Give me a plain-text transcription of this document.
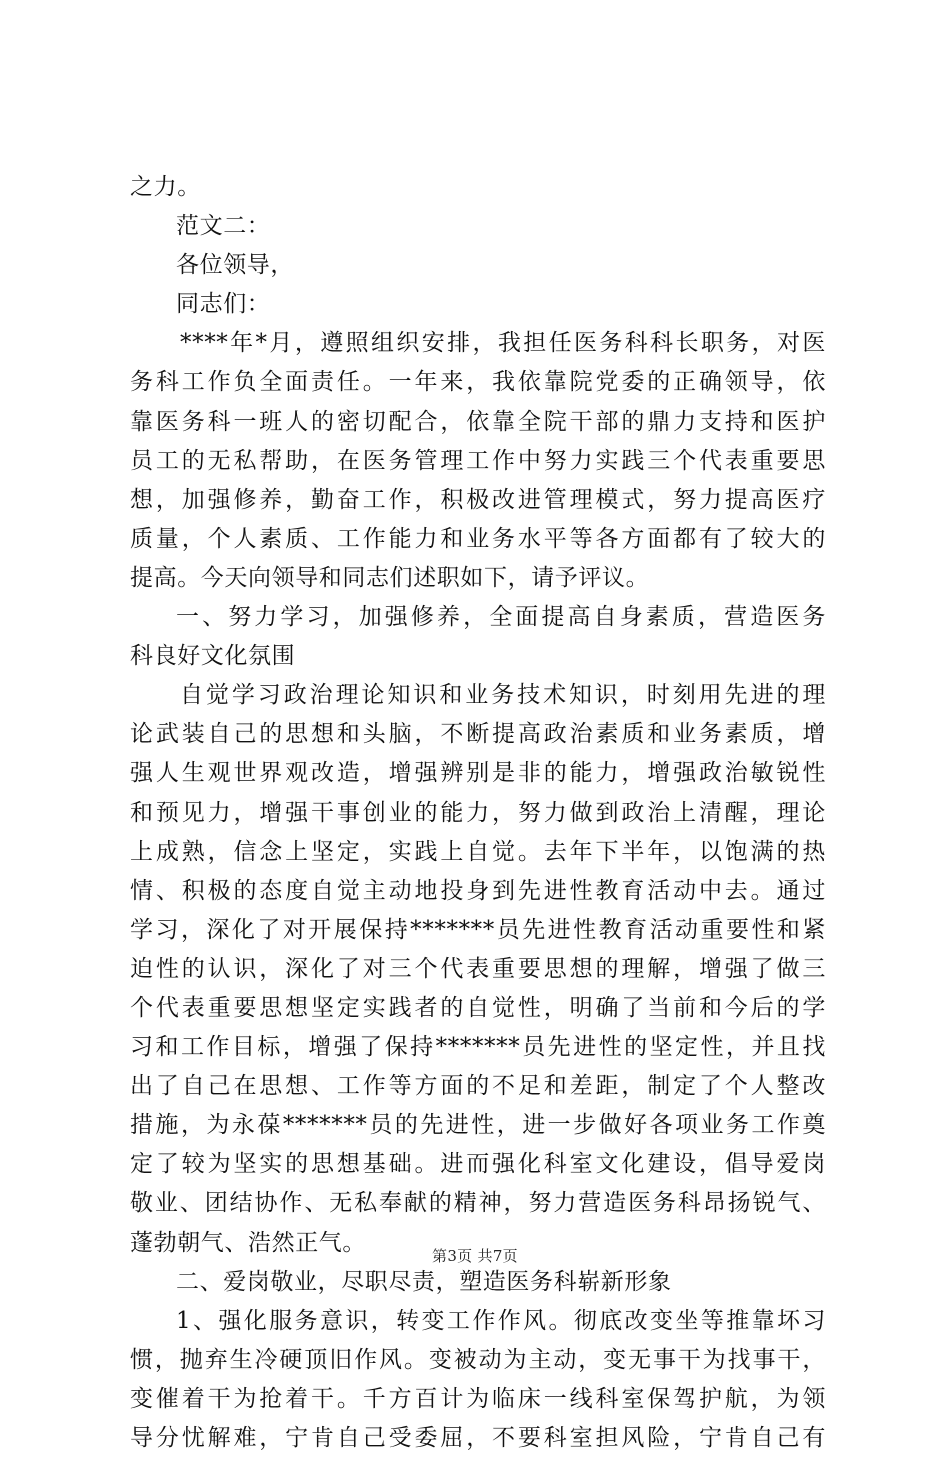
之力。
范文二：
各位领导，
同志们：
****年*月，遵照组织安排，我担任医务科科长职务，对医
务科工作负全面责任。一年来，我依靠院党委的正确领导，依
靠医务科一班人的密切配合，依靠全院干部的鼎力支持和医护
员工的无私帮助，在医务管理工作中努力实践三个代表重要思
想，加强修养，勤奋工作，积极改进管理模式，努力提高医疗
质量，个人素质、工作能力和业务水平等各方面都有了较大的
提高。今天向领导和同志们述职如下，请予评议。
一、努力学习，加强修养，全面提高自身素质，营造医务
科良好文化氛围
自觉学习政治理论知识和业务技术知识，时刻用先进的理
论武装自己的思想和头脑，不断提高政治素质和业务素质，增
强人生观世界观改造，增强辨别是非的能力，增强政治敏锐性
和预见力，增强干事创业的能力，努力做到政治上清醒，理论
上成熟，信念上坚定，实践上自觉。去年下半年，以饱满的热
情、积极的态度自觉主动地投身到先进性教育活动中去。通过
学习，深化了对开展保持*******员先进性教育活动重要性和紧
迫性的认识，深化了对三个代表重要思想的理解，增强了做三
个代表重要思想坚定实践者的自觉性，明确了当前和今后的学
习和工作目标，增强了保持*******员先进性的坚定性，并且找
出了自己在思想、工作等方面的不足和差距，制定了个人整改
措施，为永葆*******员的先进性，进一步做好各项业务工作奠
定了较为坚实的思想基础。进而强化科室文化建设，倡导爱岗
敬业、团结协作、无私奉献的精神，努力营造医务科昂扬锐气、
蓬勃朝气、浩然正气。
二、爱岗敬业，尽职尽责，塑造医务科崭新形象
1、强化服务意识，转变工作作风。彻底改变坐等推靠坏习
惯，抛弃生冷硬顶旧作风。变被动为主动，变无事干为找事干，
变催着干为抢着干。千方百计为临床一线科室保驾护航，为领
导分忧解难，宁肯自己受委屈，不要科室担风险，宁肯自己有
第3页 共7页
